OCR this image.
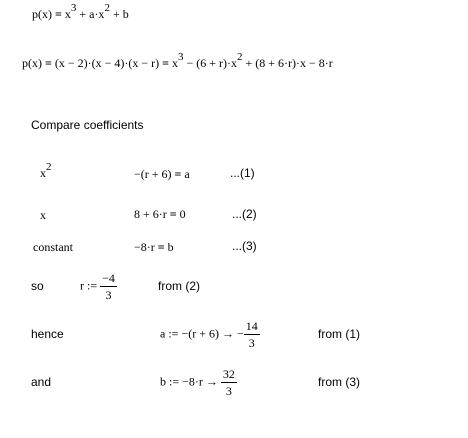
$p(x) = x^3 + a\cdot x^2 + b$
$p(x) = (x - 2)\cdot(x - 4)\cdot(x - r) = x^3 - (6 + r)\cdot x^2 + (8 + 6\cdot r)\cdot x - 8\cdot r$
Compare coefficients
$x^2$	−(r + 6) = a	...(1)
x	8 + 6·r = 0	...(2)
constant	−8·r = b	...(3)
so	r := $\frac{-4}{3}$	from (2)
hence	a := −(r + 6) → − $\frac{14}{3}$	from (1)
and	b := $-8\cdot r \to \frac{32}{3}$	from (3)
